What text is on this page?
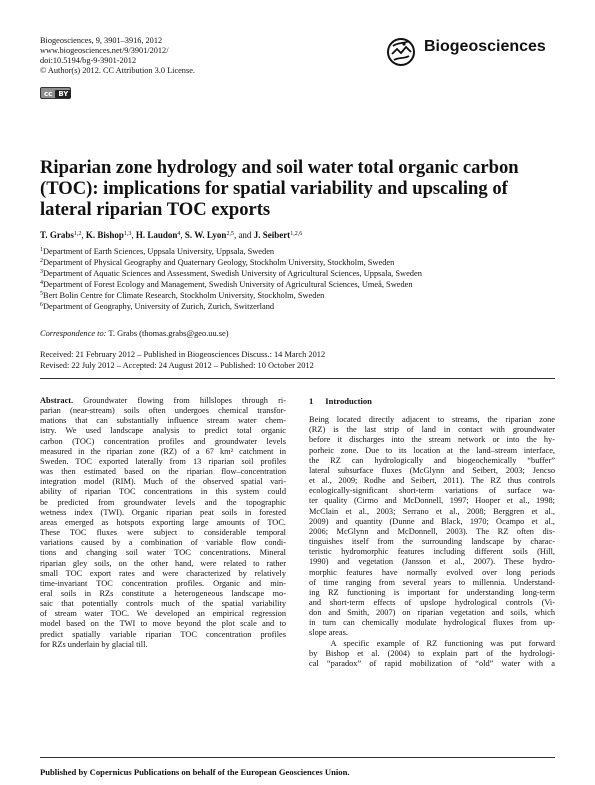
Biogeosciences, 9, 3901–3916, 2012
www.biogeosciences.net/9/3901/2012/
doi:10.5194/bg-9-3901-2012
© Author(s) 2012. CC Attribution 3.0 License.
cc BY
Biogeosciences
Riparian zone hydrology and soil water total organic carbon (TOC): implications for spatial variability and upscaling of lateral riparian TOC exports
T. Grabs$^{1,2}$, K. Bishop$^{1,3}$, H. Laudon$^4$, S. W. Lyon$^{2,5}$, and J. Seibert$^{1,2,6}$
$^1$Department of Earth Sciences, Uppsala University, Uppsala, Sweden
$^2$Department of Physical Geography and Quaternary Geology, Stockholm University, Stockholm, Sweden
$^3$Department of Aquatic Sciences and Assessment, Swedish University of Agricultural Sciences, Uppsala, Sweden
$^4$Department of Forest Ecology and Management, Swedish University of Agricultural Sciences, Umeå, Sweden
$^5$Bert Bolin Centre for Climate Research, Stockholm University, Stockholm, Sweden
$^6$Department of Geography, University of Zurich, Zurich, Switzerland
Correspondence to: T. Grabs (thomas.grabs@geo.uu.se)
Received: 21 February 2012 – Published in Biogeosciences Discuss.: 14 March 2012
Revised: 22 July 2012 – Accepted: 24 August 2012 – Published: 10 October 2012
Abstract. Groundwater flowing from hillslopes through ri-
parian (near-stream) soils often undergoes chemical transfor-
mations that can substantially influence stream water chem-
istry. We used landscape analysis to predict total organic
carbon (TOC) concentration profiles and groundwater levels
measured in the riparian zone (RZ) of a 67 km² catchment in
Sweden. TOC exported laterally from 13 riparian soil profiles
was then estimated based on the riparian flow–concentration
integration model (RIM). Much of the observed spatial vari-
ability of riparian TOC concentrations in this system could
be predicted from groundwater levels and the topographic
wetness index (TWI). Organic riparian peat soils in forested
areas emerged as hotspots exporting large amounts of TOC.
These TOC fluxes were subject to considerable temporal
variations caused by a combination of variable flow condi-
tions and changing soil water TOC concentrations. Mineral
riparian gley soils, on the other hand, were related to rather
small TOC export rates and were characterized by relatively
time-invariant TOC concentration profiles. Organic and min-
eral soils in RZs constitute a heterogeneous landscape mo-
saic that potentially controls much of the spatial variability
of stream water TOC. We developed an empirical regression
model based on the TWI to move beyond the plot scale and to
predict spatially variable riparian TOC concentration profiles
for RZs underlain by glacial till.
1 Introduction
Being located directly adjacent to streams, the riparian zone
(RZ) is the last strip of land in contact with groundwater
before it discharges into the stream network or into the hy-
porheic zone. Due to its location at the land–stream interface,
the RZ can hydrologically and biogeochemically “buffer”
lateral subsurface fluxes (McGlynn and Seibert, 2003; Jencso
et al., 2009; Rodhe and Seibert, 2011). The RZ thus controls
ecologically-significant short-term variations of surface wa-
ter quality (Cirmo and McDonnell, 1997; Hooper et al., 1998;
McClain et al., 2003; Serrano et al., 2008; Berggren et al.,
2009) and quantity (Dunne and Black, 1970; Ocampo et al.,
2006; McGlynn and McDonnell, 2003). The RZ often dis-
tinguishes itself from the surrounding landscape by charac-
teristic hydromorphic features including different soils (Hill,
1990) and vegetation (Jansson et al., 2007). These hydro-
morphic features have normally evolved over long periods
of time ranging from several years to millennia. Understand-
ing RZ functioning is important for understanding long-term
and short-term effects of upslope hydrological controls (Vi-
don and Smith, 2007) on riparian vegetation and soils, which
in turn can chemically modulate hydrological fluxes from up-
slope areas.
A specific example of RZ functioning was put forward
by Bishop et al. (2004) to explain part of the hydrologi-
cal “paradox” of rapid mobilization of “old” water with a
Published by Copernicus Publications on behalf of the European Geosciences Union.
